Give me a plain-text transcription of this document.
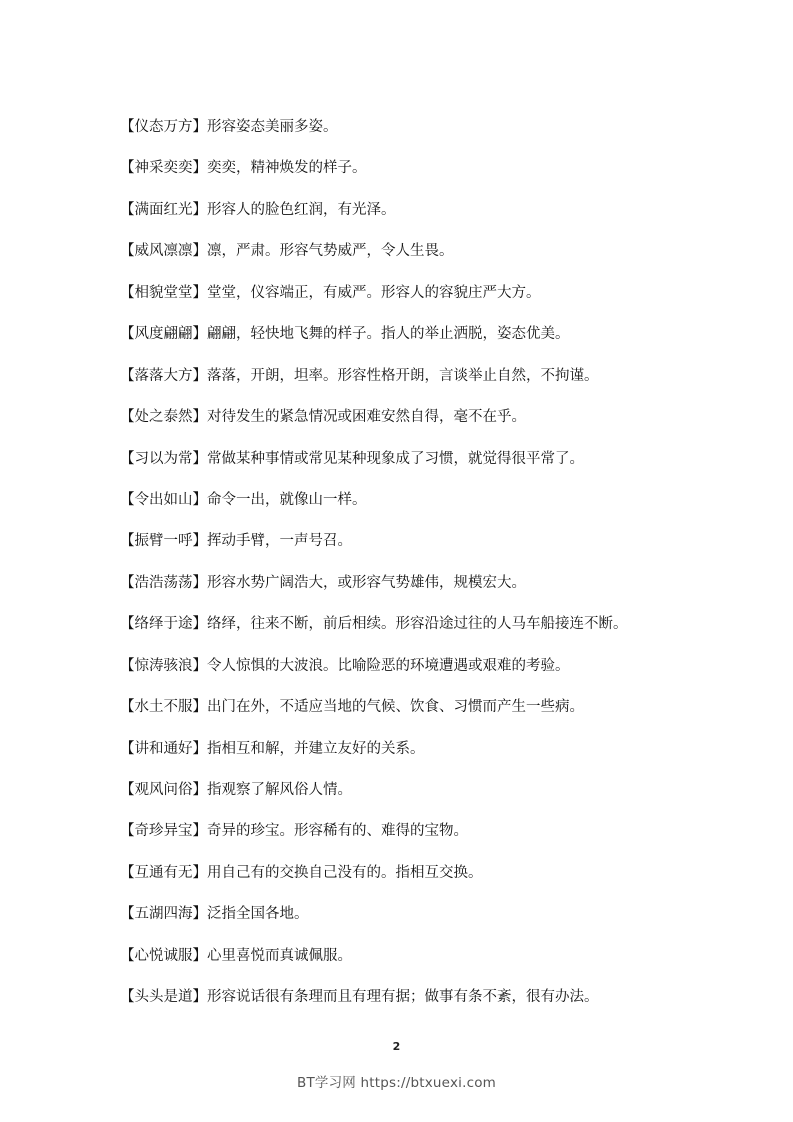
【 仪态万方 】 形容姿态美丽多姿。
【 神采奕奕 】 奕奕，精神焕发的样子。
【 满面红光 】 形容人的脸色红润，有光泽。
【 威风凛凛 】 凛，严肃。形容气势威严，令人生畏。
【 相貌堂堂 】 堂堂，仪容端正，有威严。形容人的容貌庄严大方。
【 风度翩翩 】 翩翩，轻快地飞舞的样子。指人的举止洒脱，姿态优美。
【 落落大方 】 落落，开朗，坦率。形容性格开朗，言谈举止自然，不拘谨。
【 处之泰然 】 对待发生的紧急情况或困难安然自得，毫不在乎。
【 习以为常 】 常做某种事情或常见某种现象成了习惯，就觉得很平常了。
【 令出如山 】 命令一出，就像山一样。
【 振臂一呼 】 挥动手臂，一声号召。
【 浩浩荡荡 】 形容水势广阔浩大，或形容气势雄伟，规模宏大。
【 络绎于途 】 络绎，往来不断，前后相续。形容沿途过往的人马车船接连不断。
【 惊涛骇浪 】 令人惊惧的大波浪。比喻险恶的环境遭遇或艰难的考验。
【 水土不服 】 出门在外，不适应当地的气候、饮食、习惯而产生一些病。
【 讲和通好 】 指相互和解，并建立友好的关系。
【 观风问俗 】 指观察了解风俗人情。
【 奇珍异宝 】 奇异的珍宝。形容稀有的、难得的宝物。
【 互通有无 】 用自己有的交换自己没有的。指相互交换。
【 五湖四海 】 泛指全国各地。
【 心悦诚服 】 心里喜悦而真诚佩服。
【 头头是道 】 形容说话很有条理而且有理有据；做事有条不紊，很有办法。
2
BT学习网 https://btxuexi.com
